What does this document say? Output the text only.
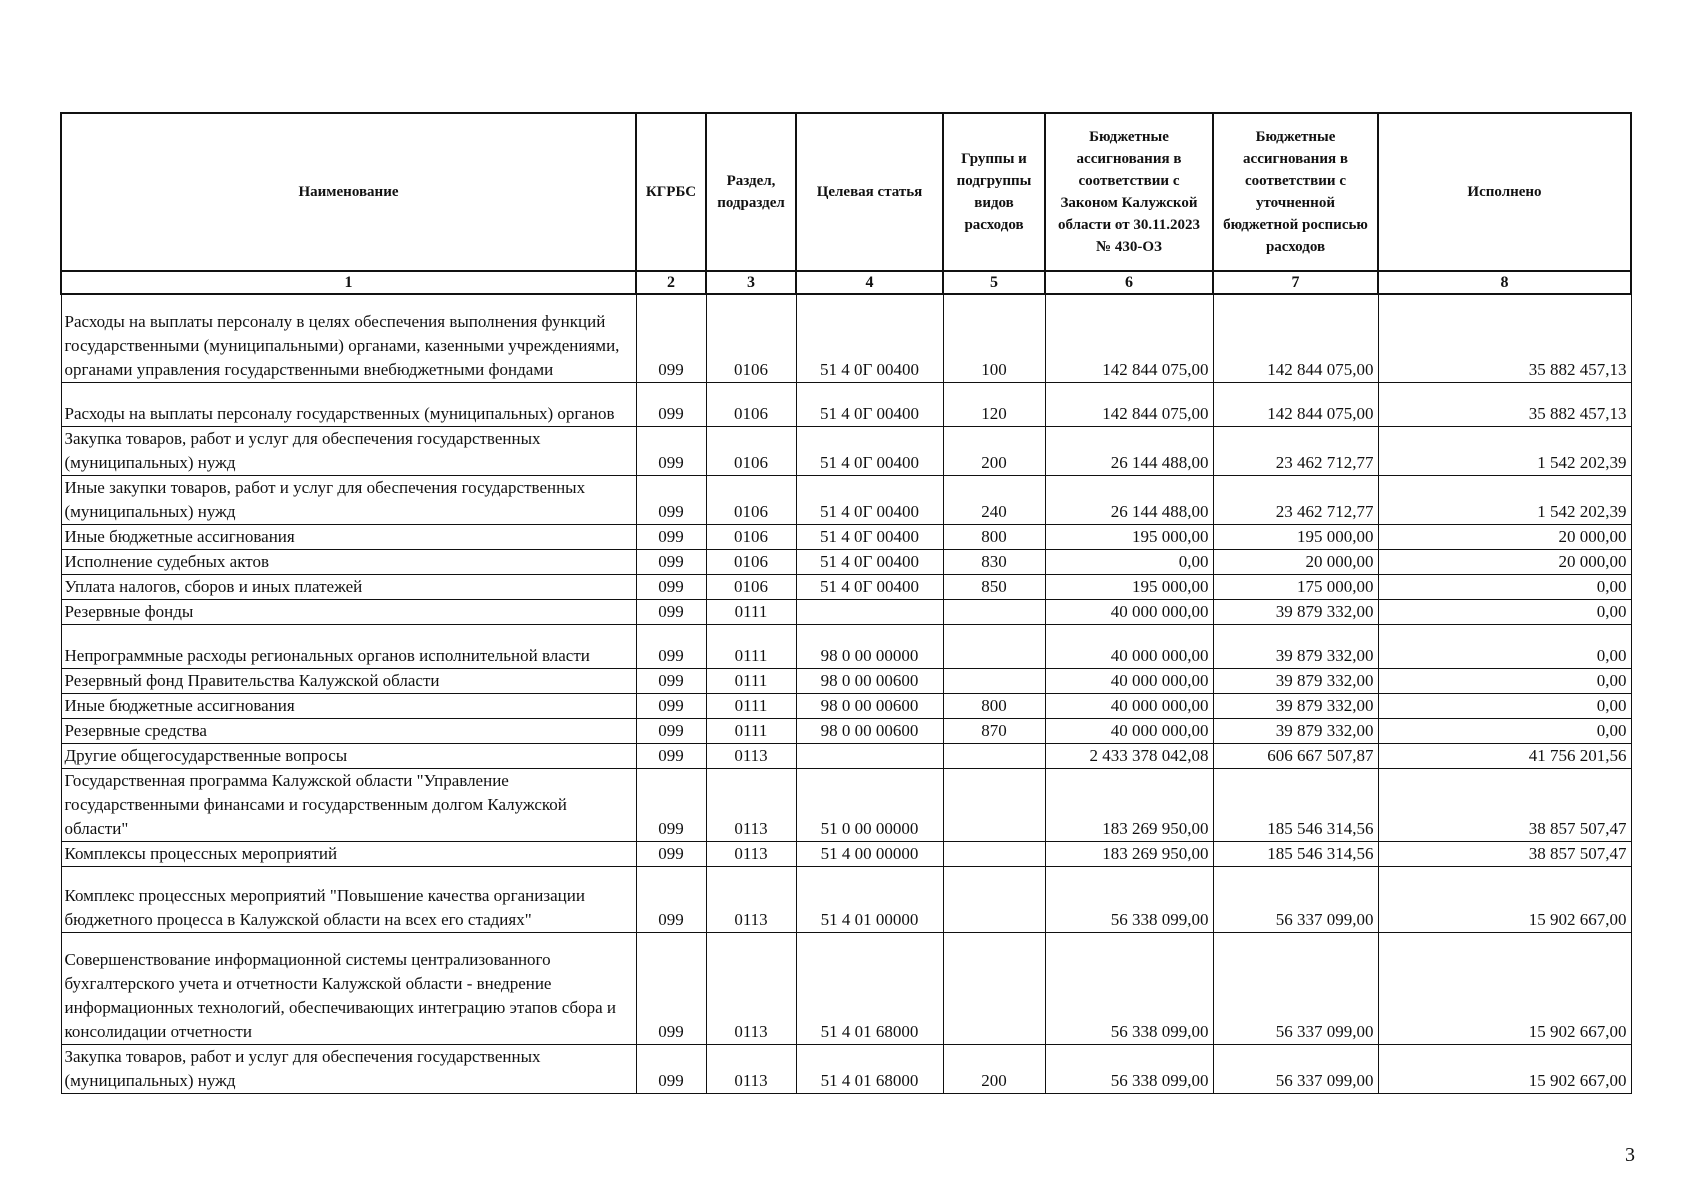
Наименование	КГРБС	Раздел, подраздел	Целевая статья	Группы и подгруппы видов расходов	Бюджетные ассигнования в соответствии с Законом Калужской области от 30.11.2023 № 430-ОЗ	Бюджетные ассигнования в соответствии с уточненной бюджетной росписью расходов	Исполнено
1	2	3	4	5	6	7	8
Расходы на выплаты персоналу в целях обеспечения выполнения функций государственными (муниципальными) органами, казенными учреждениями, органами управления государственными внебюджетными фондами	099	0106	51 4 0Г 00400	100	142 844 075,00	142 844 075,00	35 882 457,13
Расходы на выплаты персоналу государственных (муниципальных) органов	099	0106	51 4 0Г 00400	120	142 844 075,00	142 844 075,00	35 882 457,13
Закупка товаров, работ и услуг для обеспечения государственных (муниципальных) нужд	099	0106	51 4 0Г 00400	200	26 144 488,00	23 462 712,77	1 542 202,39
Иные закупки товаров, работ и услуг для обеспечения государственных (муниципальных) нужд	099	0106	51 4 0Г 00400	240	26 144 488,00	23 462 712,77	1 542 202,39
Иные бюджетные ассигнования	099	0106	51 4 0Г 00400	800	195 000,00	195 000,00	20 000,00
Исполнение судебных актов	099	0106	51 4 0Г 00400	830	0,00	20 000,00	20 000,00
Уплата налогов, сборов и иных платежей	099	0106	51 4 0Г 00400	850	195 000,00	175 000,00	0,00
Резервные фонды	099	0111			40 000 000,00	39 879 332,00	0,00
Непрограммные расходы региональных органов исполнительной власти	099	0111	98 0 00 00000		40 000 000,00	39 879 332,00	0,00
Резервный фонд Правительства Калужской области	099	0111	98 0 00 00600		40 000 000,00	39 879 332,00	0,00
Иные бюджетные ассигнования	099	0111	98 0 00 00600	800	40 000 000,00	39 879 332,00	0,00
Резервные средства	099	0111	98 0 00 00600	870	40 000 000,00	39 879 332,00	0,00
Другие общегосударственные вопросы	099	0113			2 433 378 042,08	606 667 507,87	41 756 201,56
Государственная программа Калужской области "Управление государственными финансами и государственным долгом Калужской области"	099	0113	51 0 00 00000		183 269 950,00	185 546 314,56	38 857 507,47
Комплексы процессных мероприятий	099	0113	51 4 00 00000		183 269 950,00	185 546 314,56	38 857 507,47
Комплекс процессных мероприятий "Повышение качества организации бюджетного процесса в Калужской области на всех его стадиях"	099	0113	51 4 01 00000		56 338 099,00	56 337 099,00	15 902 667,00
Совершенствование информационной системы централизованного бухгалтерского учета и отчетности Калужской области - внедрение информационных технологий, обеспечивающих интеграцию этапов сбора и консолидации отчетности	099	0113	51 4 01 68000		56 338 099,00	56 337 099,00	15 902 667,00
Закупка товаров, работ и услуг для обеспечения государственных (муниципальных) нужд	099	0113	51 4 01 68000	200	56 338 099,00	56 337 099,00	15 902 667,00
3
